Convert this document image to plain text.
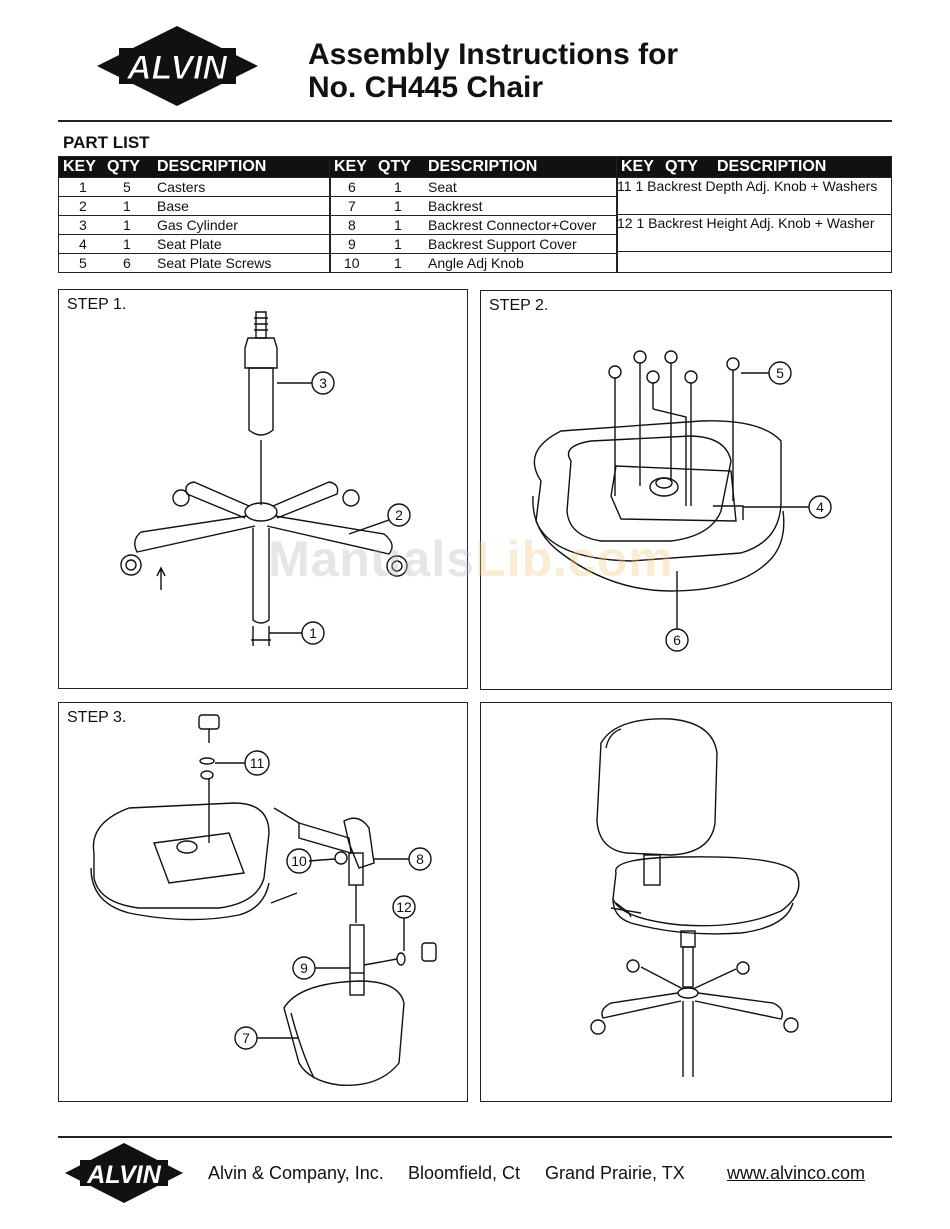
ALVIN	Assembly Instructions for
No. CH445 Chair
PART LIST
KEY QTY DESCRIPTION
1	5 Casters
2	1 Base
3	1 Gas Cylinder
4	1 Seat Plate
5	6 Seat Plate Screws
KEY QTY DESCRIPTION
6	1 Seat
7	1 Backrest
8	1 Backrest Connector+Cover
9	1 Backrest Support Cover
10 1 Angle Adj Knob
KEY QTY DESCRIPTION
11 1 Backrest Depth Adj. Knob + Washers
12 1 Backrest Height Adj. Knob + Washer
STEP 1.
3
2
1
STEP 2.
5
4
6
STEP 3.
11
10	8
12
9
7
ManualsLib.com
ALVIN	Alvin & Company, Inc. Bloomfield, Ct Grand Prairie, TX www.alvinco.com
